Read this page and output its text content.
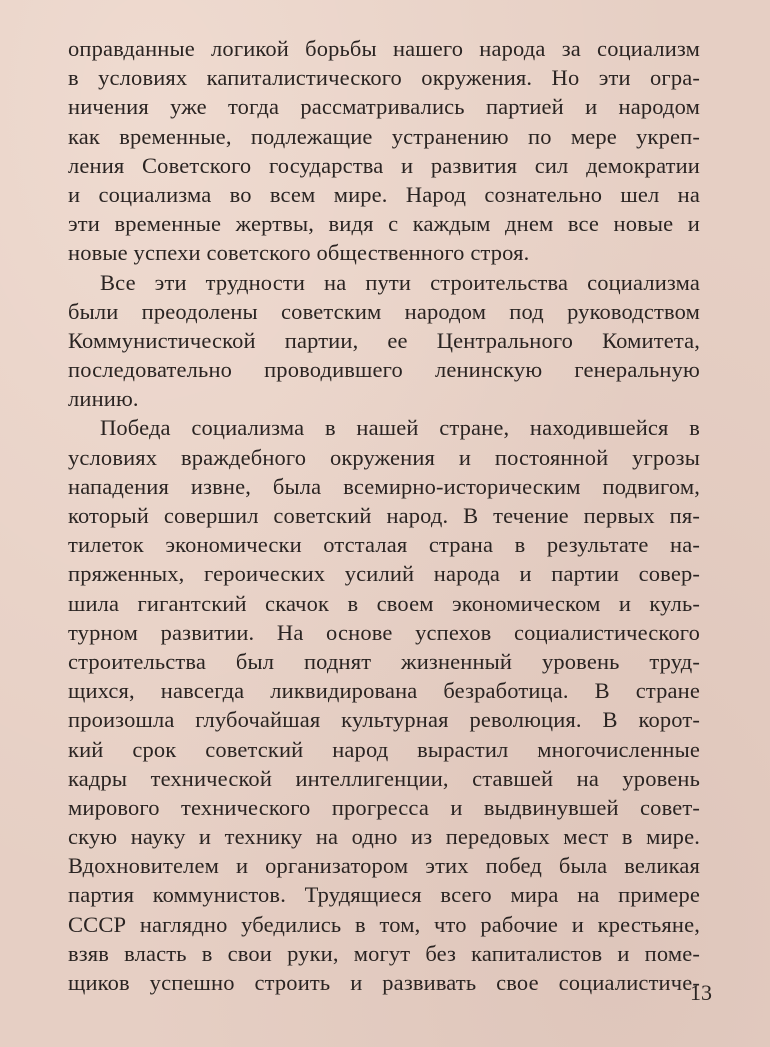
оправданные логикой борьбы нашего народа за социализм
в условиях капиталистического окружения. Но эти огра-
ничения уже тогда рассматривались партией и народом
как временные, подлежащие устранению по мере укреп-
ления Советского государства и развития сил демократии
и социализма во всем мире. Народ сознательно шел на
эти временные жертвы, видя с каждым днем все новые и
новые успехи советского общественного строя.
Все эти трудности на пути строительства социализма
были преодолены советским народом под руководством
Коммунистической партии, ее Центрального Комитета,
последовательно проводившего ленинскую генеральную
линию.
Победа социализма в нашей стране, находившейся в
условиях враждебного окружения и постоянной угрозы
нападения извне, была всемирно-историческим подвигом,
который совершил советский народ. В течение первых пя-
тилеток экономически отсталая страна в результате на-
пряженных, героических усилий народа и партии совер-
шила гигантский скачок в своем экономическом и куль-
турном развитии. На основе успехов социалистического
строительства был поднят жизненный уровень труд-
щихся, навсегда ликвидирована безработица. В стране
произошла глубочайшая культурная революция. В корот-
кий срок советский народ вырастил многочисленные
кадры технической интеллигенции, ставшей на уровень
мирового технического прогресса и выдвинувшей совет-
скую науку и технику на одно из передовых мест в мире.
Вдохновителем и организатором этих побед была великая
партия коммунистов. Трудящиеся всего мира на примере
СССР наглядно убедились в том, что рабочие и крестьяне,
взяв власть в свои руки, могут без капиталистов и поме-
щиков успешно строить и развивать свое социалистиче-
13
